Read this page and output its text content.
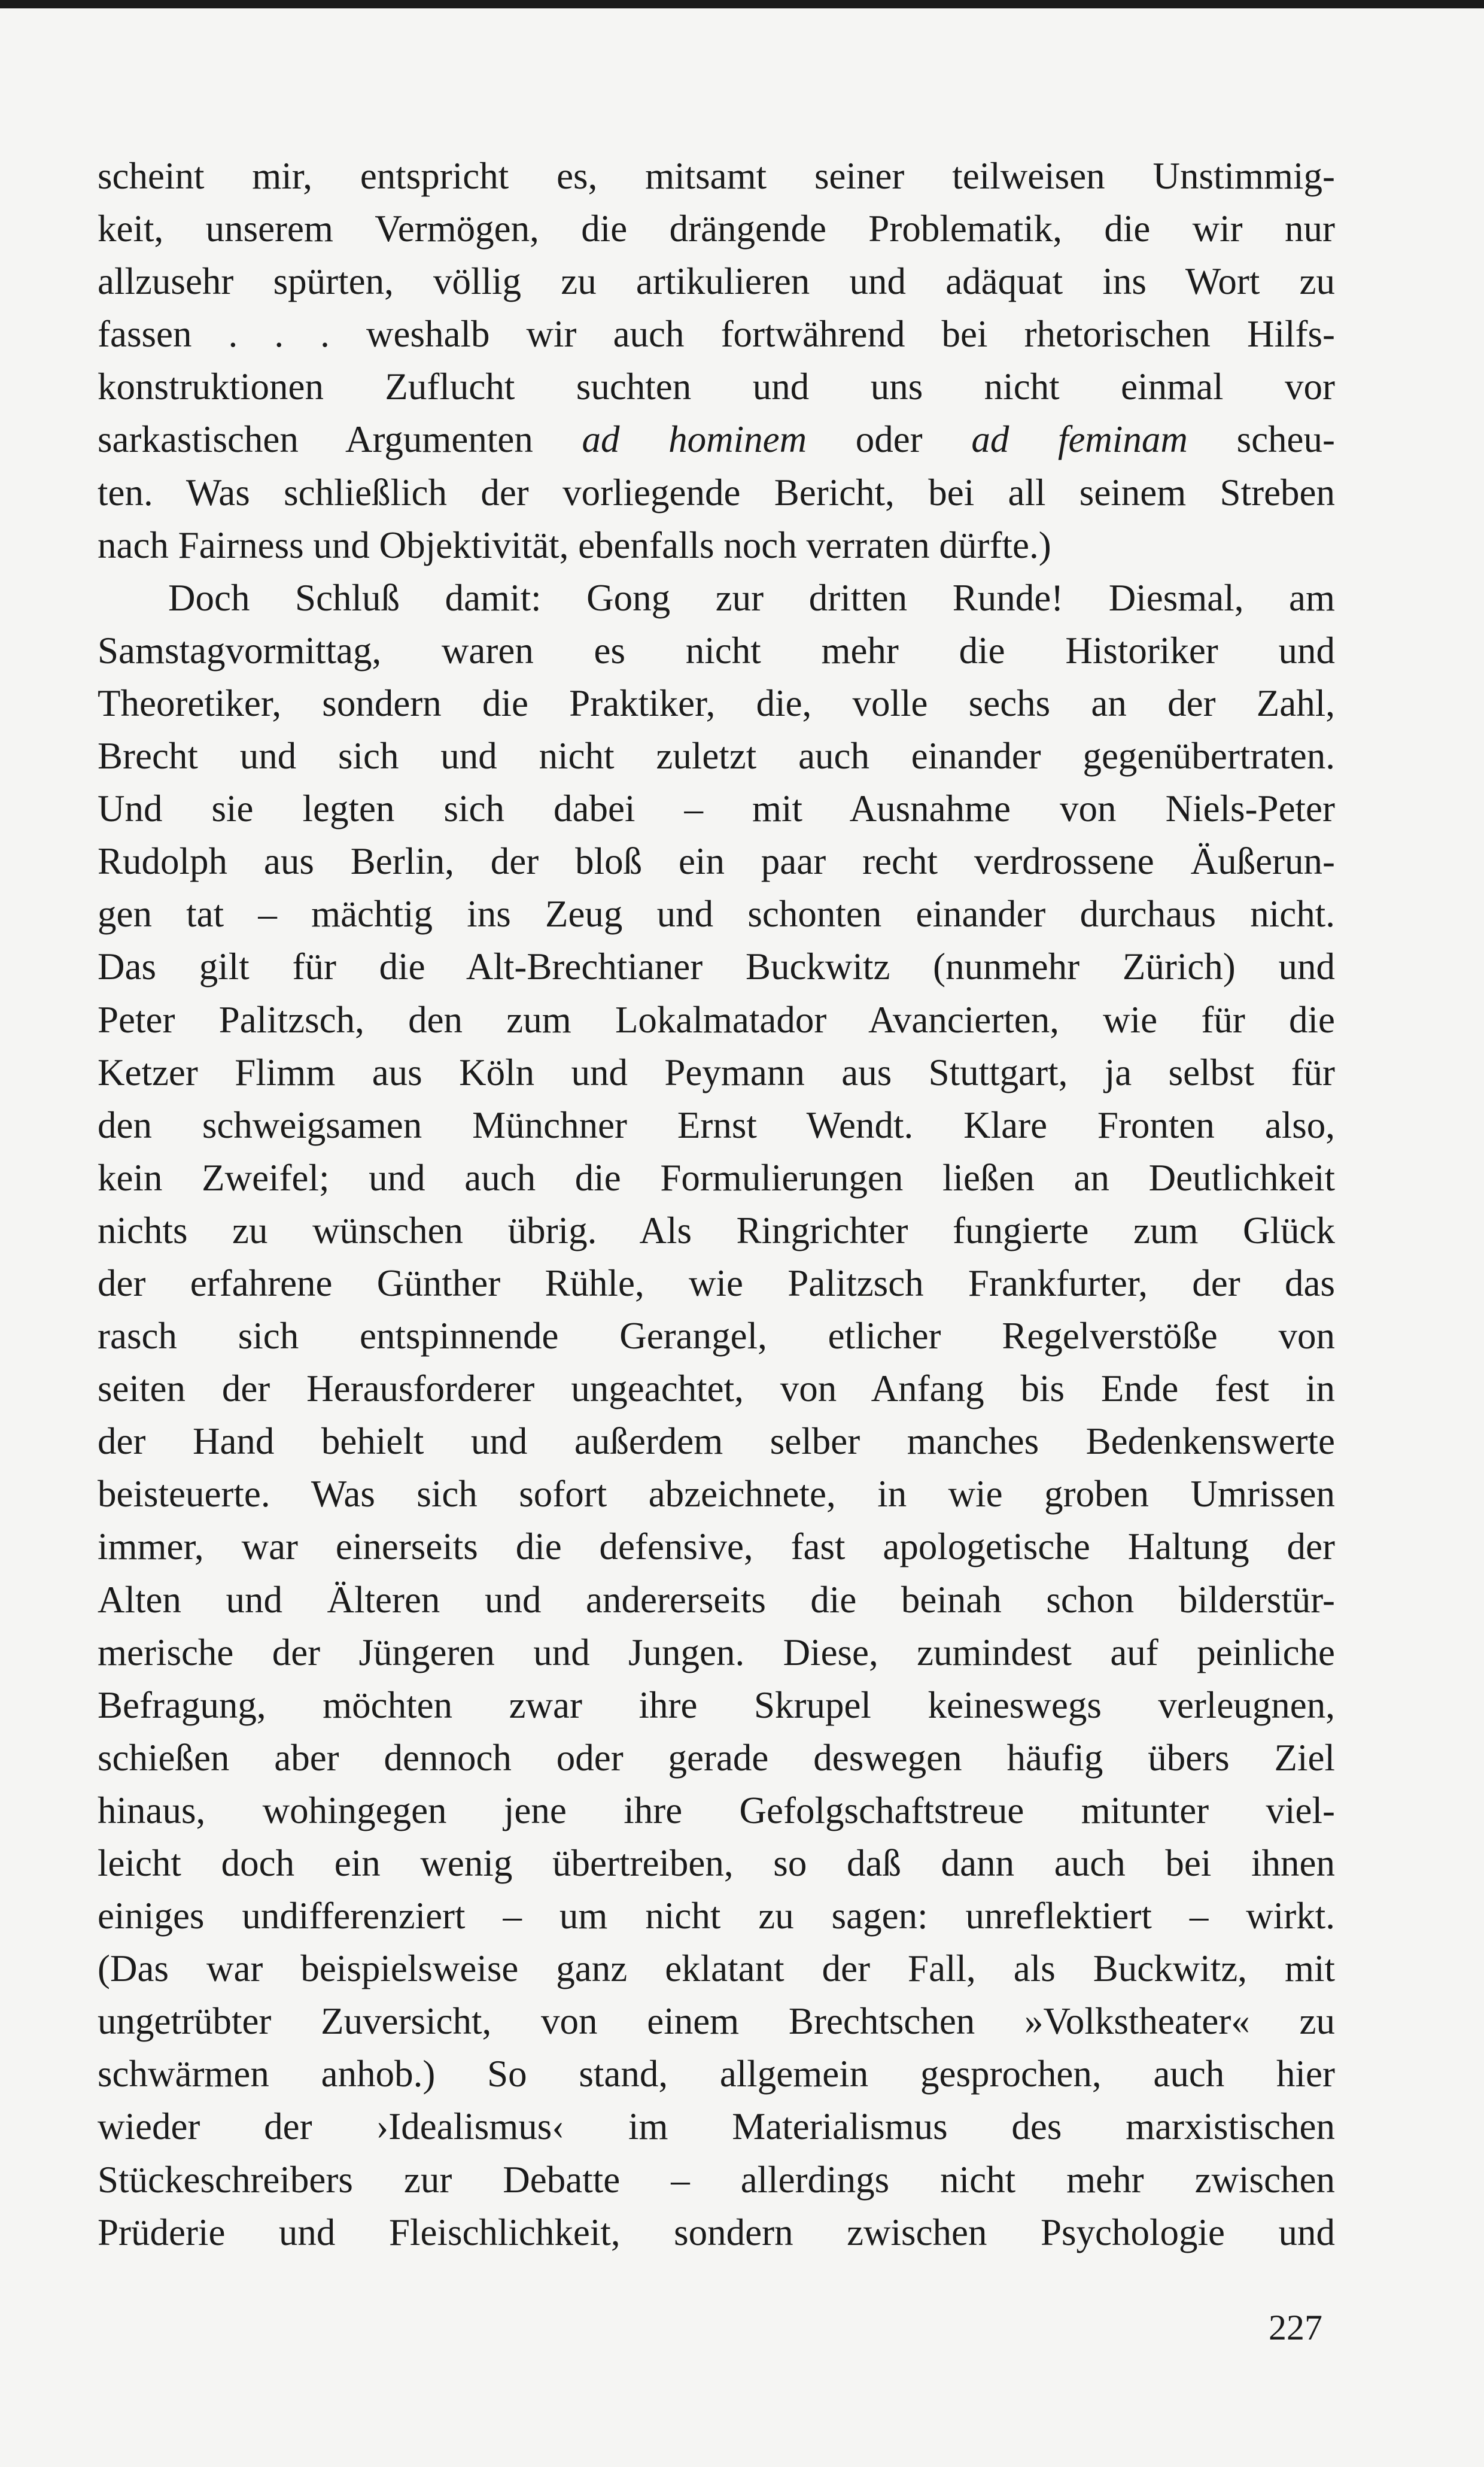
scheint mir, entspricht es, mitsamt seiner teilweisen Unstimmig-
keit, unserem Vermögen, die drängende Problematik, die wir nur
allzusehr spürten, völlig zu artikulieren und adäquat ins Wort zu
fassen . . . weshalb wir auch fortwährend bei rhetorischen Hilfs-
konstruktionen Zuflucht suchten und uns nicht einmal vor
sarkastischen Argumenten ad hominem oder ad feminam scheu-
ten. Was schließlich der vorliegende Bericht, bei all seinem Streben
nach Fairness und Objektivität, ebenfalls noch verraten dürfte.)
Doch Schluß damit: Gong zur dritten Runde! Diesmal, am
Samstagvormittag, waren es nicht mehr die Historiker und
Theoretiker, sondern die Praktiker, die, volle sechs an der Zahl,
Brecht und sich und nicht zuletzt auch einander gegenübertraten.
Und sie legten sich dabei – mit Ausnahme von Niels-Peter
Rudolph aus Berlin, der bloß ein paar recht verdrossene Äußerun-
gen tat – mächtig ins Zeug und schonten einander durchaus nicht.
Das gilt für die Alt-Brechtianer Buckwitz (nunmehr Zürich) und
Peter Palitzsch, den zum Lokalmatador Avancierten, wie für die
Ketzer Flimm aus Köln und Peymann aus Stuttgart, ja selbst für
den schweigsamen Münchner Ernst Wendt. Klare Fronten also,
kein Zweifel; und auch die Formulierungen ließen an Deutlichkeit
nichts zu wünschen übrig. Als Ringrichter fungierte zum Glück
der erfahrene Günther Rühle, wie Palitzsch Frankfurter, der das
rasch sich entspinnende Gerangel, etlicher Regelverstöße von
seiten der Herausforderer ungeachtet, von Anfang bis Ende fest in
der Hand behielt und außerdem selber manches Bedenkenswerte
beisteuerte. Was sich sofort abzeichnete, in wie groben Umrissen
immer, war einerseits die defensive, fast apologetische Haltung der
Alten und Älteren und andererseits die beinah schon bilderstür-
merische der Jüngeren und Jungen. Diese, zumindest auf peinliche
Befragung, möchten zwar ihre Skrupel keineswegs verleugnen,
schießen aber dennoch oder gerade deswegen häufig übers Ziel
hinaus, wohingegen jene ihre Gefolgschaftstreue mitunter viel-
leicht doch ein wenig übertreiben, so daß dann auch bei ihnen
einiges undifferenziert – um nicht zu sagen: unreflektiert – wirkt.
(Das war beispielsweise ganz eklatant der Fall, als Buckwitz, mit
ungetrübter Zuversicht, von einem Brechtschen »Volkstheater« zu
schwärmen anhob.) So stand, allgemein gesprochen, auch hier
wieder der ›Idealismus‹ im Materialismus des marxistischen
Stückeschreibers zur Debatte – allerdings nicht mehr zwischen
Prüderie und Fleischlichkeit, sondern zwischen Psychologie und
227
